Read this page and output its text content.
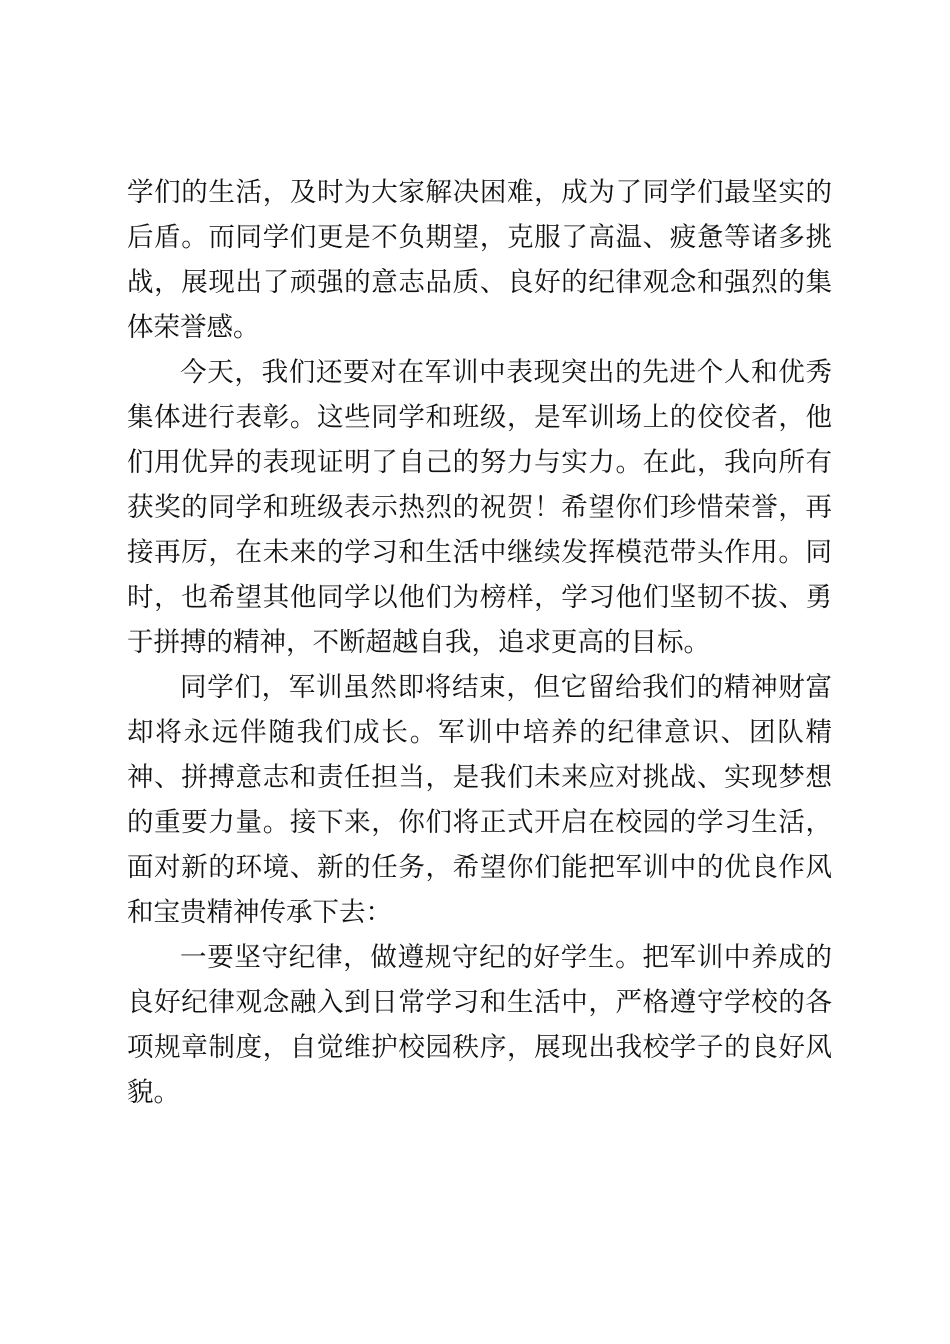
学们的生活，及时为大家解决困难，成为了同学们最坚实的后盾。而同学们更是不负期望，克服了高温、疲惫等诸多挑战，展现出了顽强的意志品质、良好的纪律观念和强烈的集体荣誉感。

今天，我们还要对在军训中表现突出的先进个人和优秀集体进行表彰。这些同学和班级，是军训场上的佼佼者，他们用优异的表现证明了自己的努力与实力。在此，我向所有获奖的同学和班级表示热烈的祝贺！希望你们珍惜荣誉，再接再厉，在未来的学习和生活中继续发挥模范带头作用。同时，也希望其他同学以他们为榜样，学习他们坚韧不拔、勇于拼搏的精神，不断超越自我，追求更高的目标。

同学们，军训虽然即将结束，但它留给我们的精神财富却将永远伴随我们成长。军训中培养的纪律意识、团队精神、拼搏意志和责任担当，是我们未来应对挑战、实现梦想的重要力量。接下来，你们将正式开启在校园的学习生活，面对新的环境、新的任务，希望你们能把军训中的优良作风和宝贵精神传承下去：

一要坚守纪律，做遵规守纪的好学生。把军训中养成的良好纪律观念融入到日常学习和生活中，严格遵守学校的各项规章制度，自觉维护校园秩序，展现出我校学子的良好风貌。
